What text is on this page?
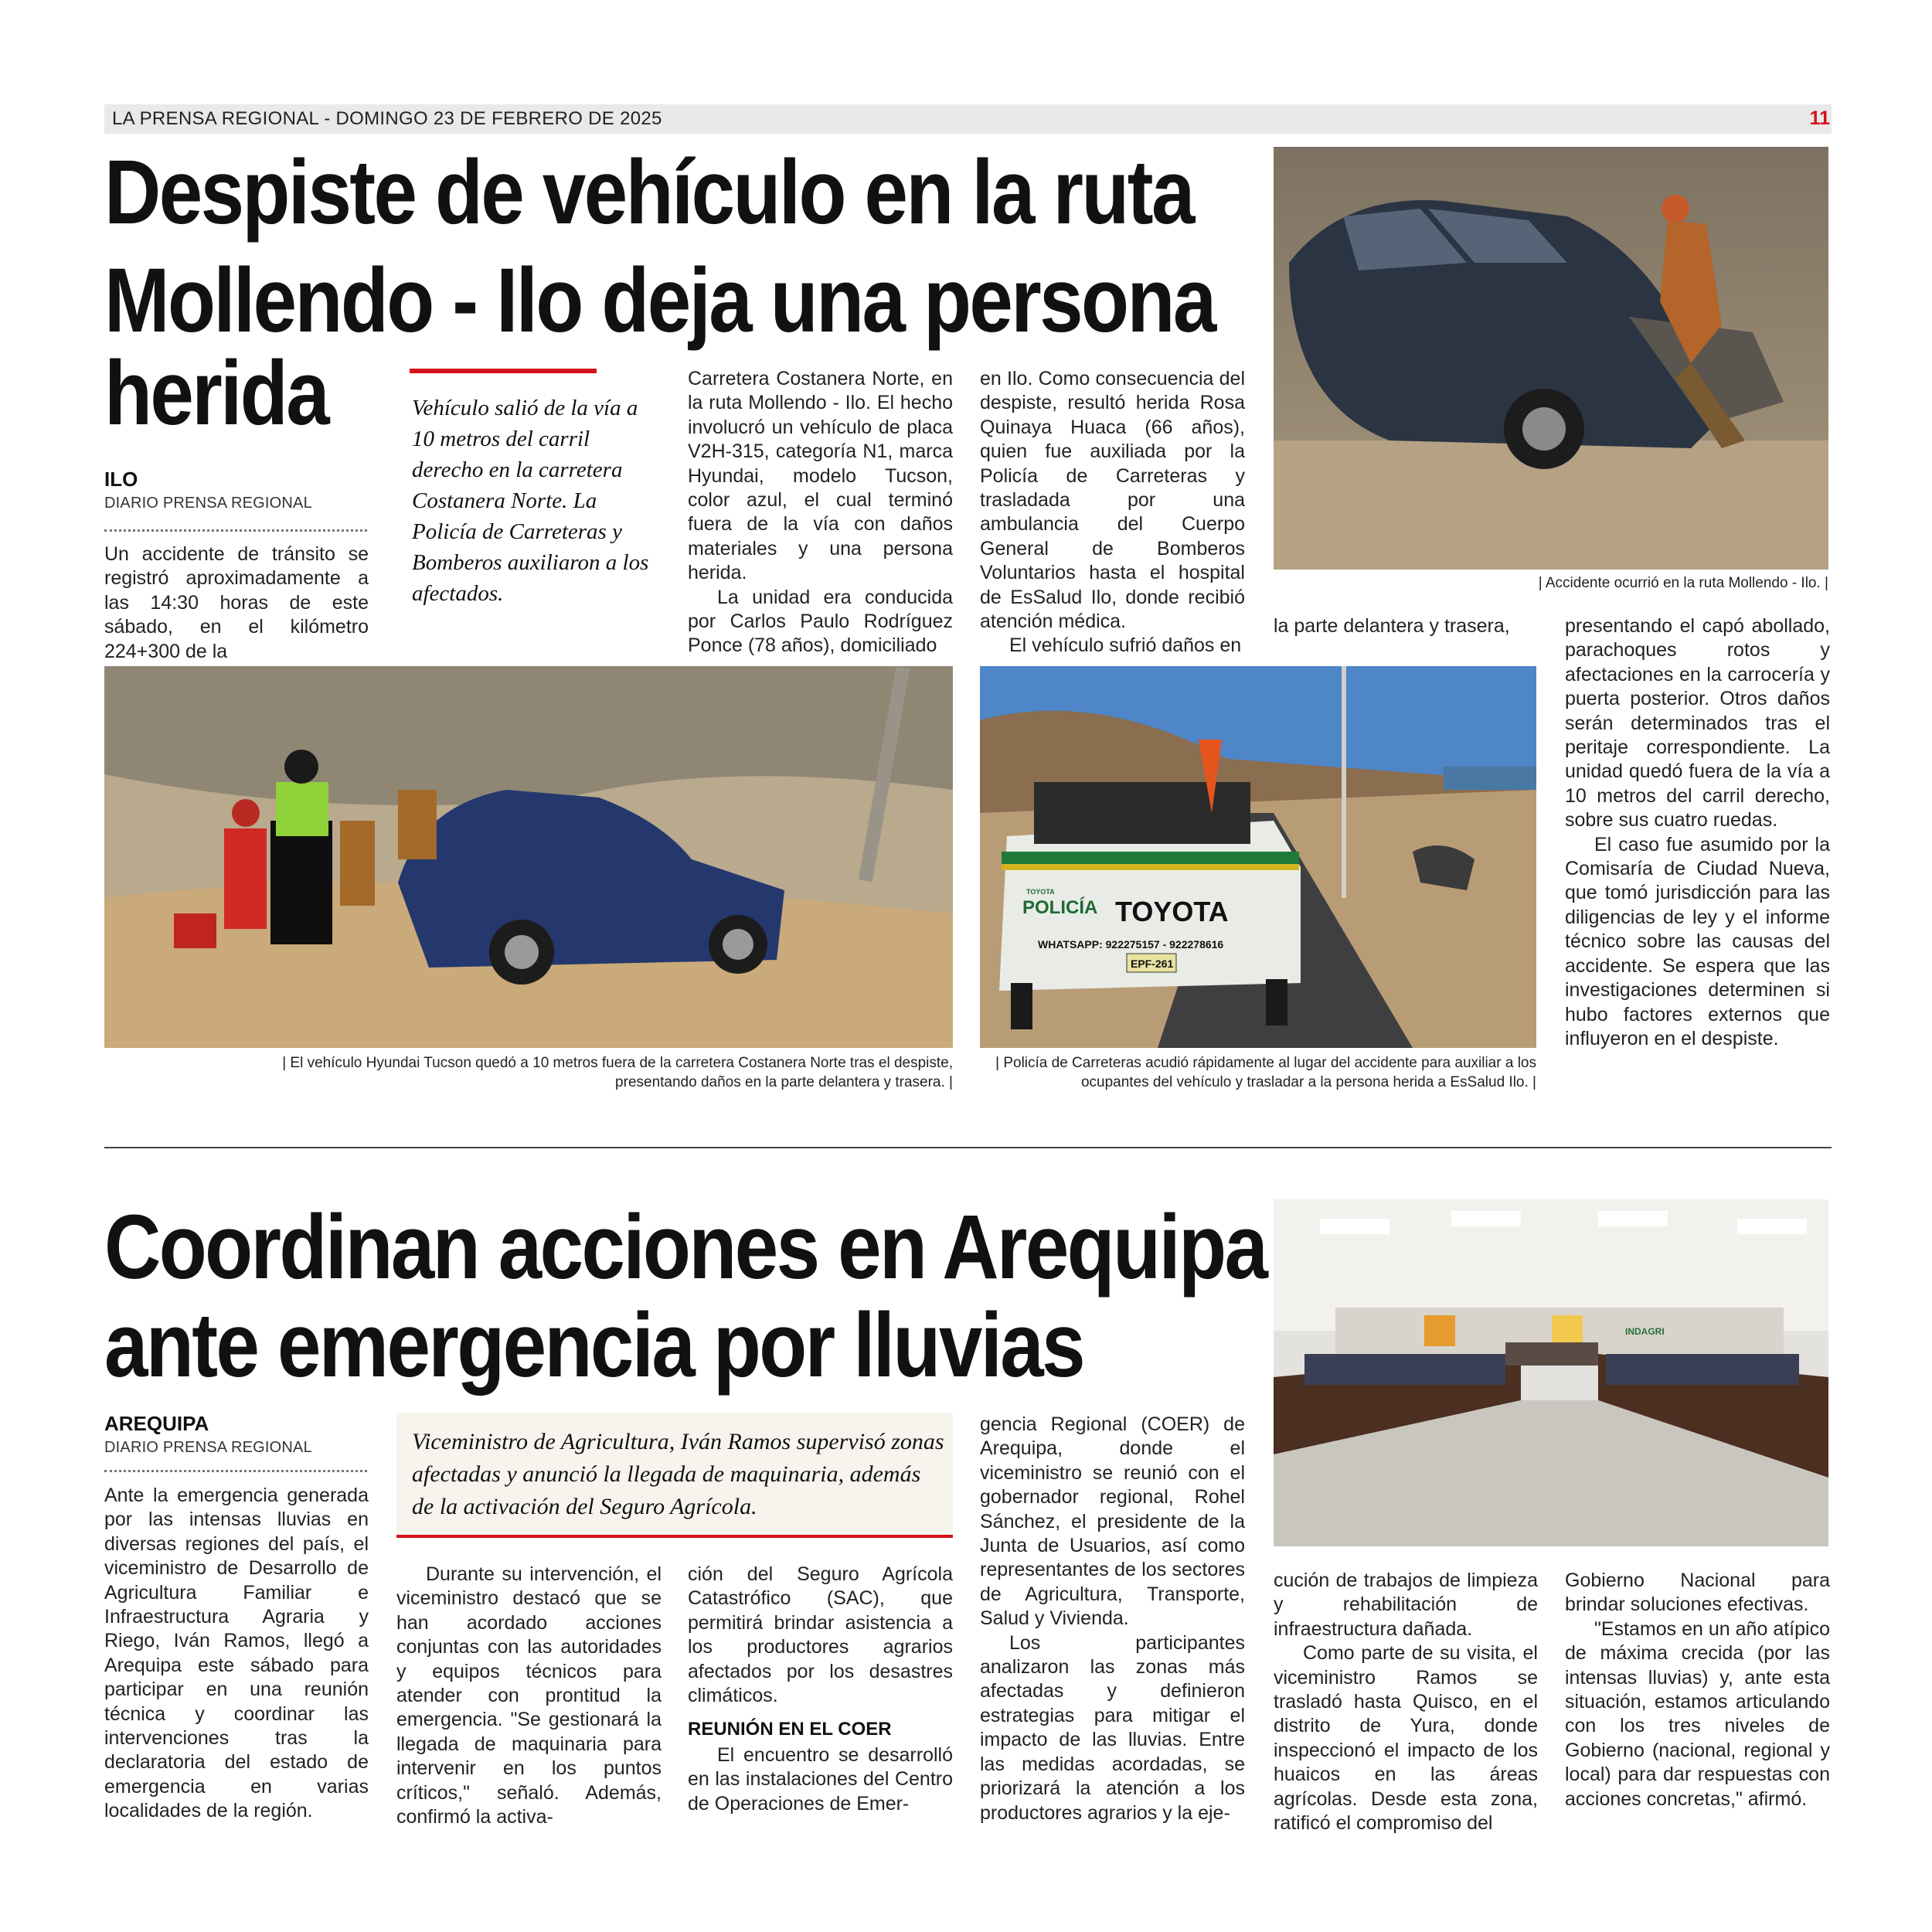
LA PRENSA REGIONAL - DOMINGO 23 DE FEBRERO DE 2025	11
Despiste de vehículo en la ruta
Mollendo - Ilo deja una persona
herida
ILO
DIARIO PRENSA REGIONAL

Un accidente de tránsito se registró aproximadamente a las 14:30 horas de este sábado, en el kilómetro 224+300 de la

Vehículo salió de la vía a 10 metros del carril derecho en la carretera Costanera Norte. La Policía de Carreteras y Bomberos auxiliaron a los afectados.

Carretera Costanera Norte, en la ruta Mollendo - Ilo. El hecho involucró un vehículo de placa V2H-315, categoría N1, marca Hyundai, modelo Tucson, color azul, el cual terminó fuera de la vía con daños materiales y una persona herida.

La unidad era conducida por Carlos Paulo Rodríguez Ponce (78 años), domiciliado

en Ilo. Como consecuencia del despiste, resultó herida Rosa Quinaya Huaca (66 años), quien fue auxiliada por la Policía de Carreteras y trasladada por una ambulancia del Cuerpo General de Bomberos Voluntarios hasta el hospital de EsSalud Ilo, donde recibió atención médica.

El vehículo sufrió daños en

| Accidente ocurrió en la ruta Mollendo - Ilo. |

la parte delantera y trasera,	presentando el capó abollado, parachoques rotos y afectaciones en la carrocería y puerta posterior. Otros daños serán determinados tras el peritaje correspondiente. La unidad quedó fuera de la vía a 10 metros del carril derecho, sobre sus cuatro ruedas.

El caso fue asumido por la Comisaría de Ciudad Nueva, que tomó jurisdicción para las diligencias de ley y el informe técnico sobre las causas del accidente. Se espera que las investigaciones determinen si hubo factores externos que influyeron en el despiste.

| El vehículo Hyundai Tucson quedó a 10 metros fuera de la carretera Costanera Norte tras el despiste,
presentando daños en la parte delantera y trasera. |
TOYOTA
POLICÍA TOYOTA
WHATSAPP: 922275157 - 922278616
EPF-261
| Policía de Carreteras acudió rápidamente al lugar del accidente para auxiliar a los
ocupantes del vehículo y trasladar a la persona herida a EsSalud Ilo. |
Coordinan acciones en Arequipa
ante emergencia por lluvias
AREQUIPA
DIARIO PRENSA REGIONAL

Ante la emergencia generada por las intensas lluvias en diversas regiones del país, el viceministro de Desarrollo de Agricultura Familiar e Infraestructura Agraria y Riego, Iván Ramos, llegó a Arequipa este sábado para participar en una reunión técnica y coordinar las intervenciones tras la declaratoria del estado de emergencia en varias localidades de la región.

Viceministro de Agricultura, Iván Ramos supervisó zonas afectadas y anunció la llegada de maquinaria, además de la activación del Seguro Agrícola.

Durante su intervención, el viceministro destacó que se han acordado acciones conjuntas con las autoridades y equipos técnicos para atender con prontitud la emergencia. "Se gestionará la llegada de maquinaria para intervenir en los puntos críticos," señaló. Además, confirmó la activa-

ción del Seguro Agrícola Catastrófico (SAC), que permitirá brindar asistencia a los productores agrarios afectados por los desastres climáticos.

REUNIÓN EN EL COER

El encuentro se desarrolló en las instalaciones del Centro de Operaciones de Emer-

gencia Regional (COER) de Arequipa, donde el viceministro se reunió con el gobernador regional, Rohel Sánchez, el presidente de la Junta de Usuarios, así como representantes de los sectores de Agricultura, Transporte, Salud y Vivienda.

Los participantes analizaron las zonas más afectadas y definieron estrategias para mitigar el impacto de las lluvias. Entre las medidas acordadas, se priorizará la atención a los productores agrarios y la eje-

INDAGRI

cución de trabajos de limpieza y rehabilitación de infraestructura dañada.

Como parte de su visita, el viceministro Ramos se trasladó hasta Quisco, en el distrito de Yura, donde inspeccionó el impacto de los huaicos en las áreas agrícolas. Desde esta zona, ratificó el compromiso del

Gobierno Nacional para brindar soluciones efectivas.

"Estamos en un año atípico de máxima crecida (por las intensas lluvias) y, ante esta situación, estamos articulando con los tres niveles de Gobierno (nacional, regional y local) para dar respuestas con acciones concretas," afirmó.
